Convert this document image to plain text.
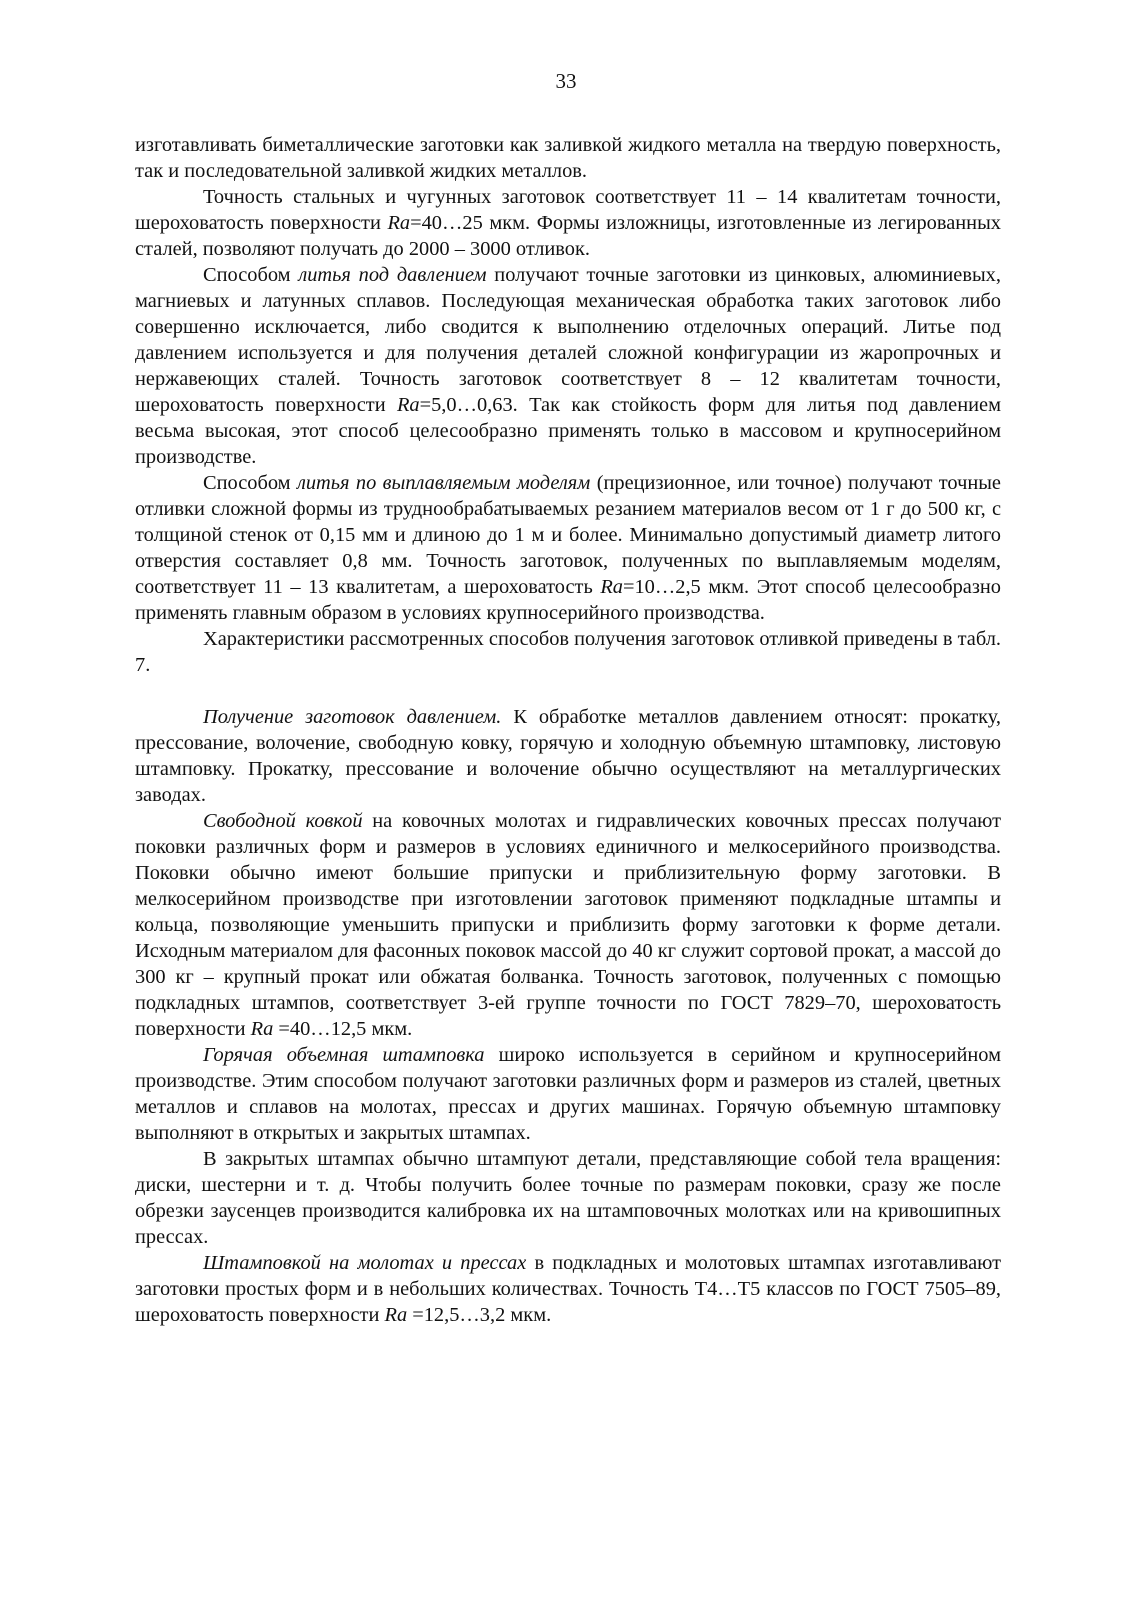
33

изготавливать биметаллические заготовки как заливкой жидкого металла на твердую поверхность, так и последовательной заливкой жидких металлов.

Точность стальных и чугунных заготовок соответствует 11 – 14 квалитетам точности, шероховатость поверхности Ra=40…25 мкм. Формы изложницы, изготовленные из легированных сталей, позволяют получать до 2000 – 3000 отливок.

Способом литья под давлением получают точные заготовки из цинковых, алюминиевых, магниевых и латунных сплавов. Последующая механическая обработка таких заготовок либо совершенно исключается, либо сводится к выполнению отделочных операций. Литье под давлением используется и для получения деталей сложной конфигурации из жаропрочных и нержавеющих сталей. Точность заготовок соответствует 8 – 12 квалитетам точности, шероховатость поверхности Ra=5,0…0,63. Так как стойкость форм для литья под давлением весьма высокая, этот способ целесообразно применять только в массовом и крупносерийном производстве.

Способом литья по выплавляемым моделям (прецизионное, или точное) получают точные отливки сложной формы из труднообрабатываемых резанием материалов весом от 1 г до 500 кг, с толщиной стенок от 0,15 мм и длиною до 1 м и более. Минимально допустимый диаметр литого отверстия составляет 0,8 мм. Точность заготовок, полученных по выплавляемым моделям, соответствует 11 – 13 квалитетам, а шероховатость Ra=10…2,5 мкм. Этот способ целесообразно применять главным образом в условиях крупносерийного производства.

Характеристики рассмотренных способов получения заготовок отливкой приведены в табл. 7.

Получение заготовок давлением. К обработке металлов давлением относят: прокатку, прессование, волочение, свободную ковку, горячую и холодную объемную штамповку, листовую штамповку. Прокатку, прессование и волочение обычно осуществляют на металлургических заводах.

Свободной ковкой на ковочных молотах и гидравлических ковочных прессах получают поковки различных форм и размеров в условиях единичного и мелкосерийного производства. Поковки обычно имеют большие припуски и приблизительную форму заготовки. В мелкосерийном производстве при изготовлении заготовок применяют подкладные штампы и кольца, позволяющие уменьшить припуски и приблизить форму заготовки к форме детали. Исходным материалом для фасонных поковок массой до 40 кг служит сортовой прокат, а массой до 300 кг – крупный прокат или обжатая болванка. Точность заготовок, полученных с помощью подкладных штампов, соответствует 3-ей группе точности по ГОСТ 7829–70, шероховатость поверхности Ra =40…12,5 мкм.

Горячая объемная штамповка широко используется в серийном и крупносерийном производстве. Этим способом получают заготовки различных форм и размеров из сталей, цветных металлов и сплавов на молотах, прессах и других машинах. Горячую объемную штамповку выполняют в открытых и закрытых штампах.

В закрытых штампах обычно штампуют детали, представляющие собой тела вращения: диски, шестерни и т. д. Чтобы получить более точные по размерам поковки, сразу же после обрезки заусенцев производится калибровка их на штамповочных молотках или на кривошипных прессах.

Штамповкой на молотах и прессах в подкладных и молотовых штампах изготавливают заготовки простых форм и в небольших количествах. Точность Т4…Т5 классов по ГОСТ 7505–89, шероховатость поверхности Ra =12,5…3,2 мкм.
